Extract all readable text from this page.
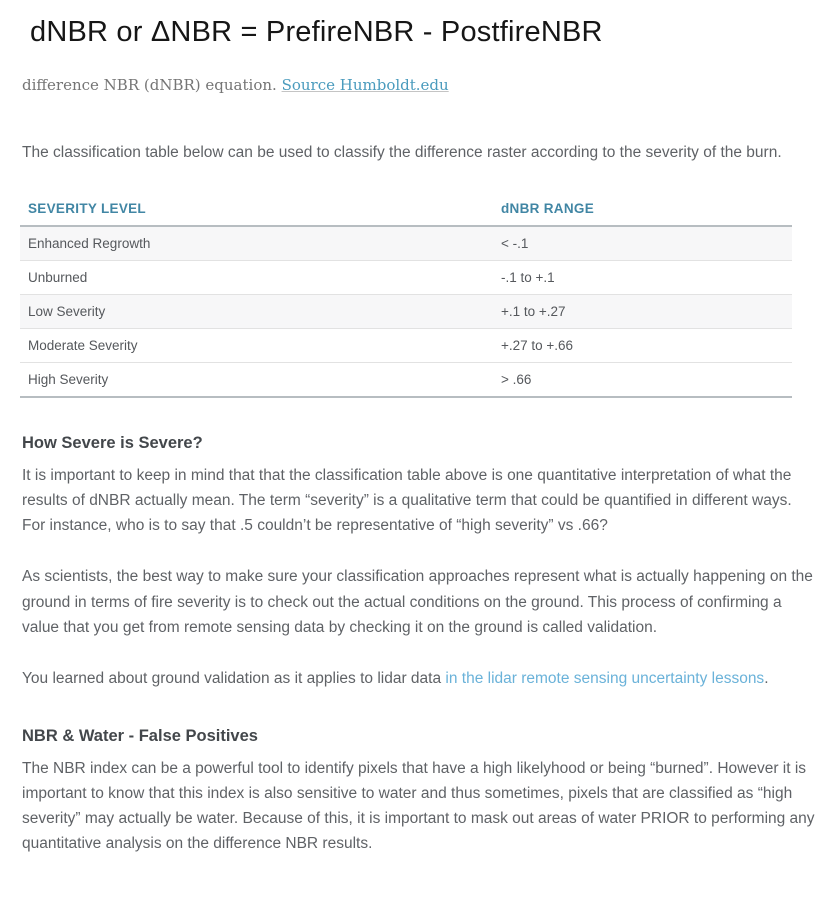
dNBR or ΔNBR = PrefireNBR - PostfireNBR

difference NBR (dNBR) equation. Source Humboldt.edu

The classification table below can be used to classify the difference raster according to the severity of the burn.

SEVERITY LEVEL	dNBR RANGE
Enhanced Regrowth	< -.1
Unburned	-.1 to +.1
Low Severity	+.1 to +.27
Moderate Severity	+.27 to +.66
High Severity	> .66
How Severe is Severe?

It is important to keep in mind that that the classification table above is one quantitative interpretation of what the results of dNBR actually mean. The term “severity” is a qualitative term that could be quantified in different ways. For instance, who is to say that .5 couldn’t be representative of “high severity” vs .66?

As scientists, the best way to make sure your classification approaches represent what is actually happening on the ground in terms of fire severity is to check out the actual conditions on the ground. This process of confirming a value that you get from remote sensing data by checking it on the ground is called validation.

You learned about ground validation as it applies to lidar data in the lidar remote sensing uncertainty lessons.

NBR & Water - False Positives

The NBR index can be a powerful tool to identify pixels that have a high likelyhood or being “burned”. However it is important to know that this index is also sensitive to water and thus sometimes, pixels that are classified as “high severity” may actually be water. Because of this, it is important to mask out areas of water PRIOR to performing any quantitative analysis on the difference NBR results.
